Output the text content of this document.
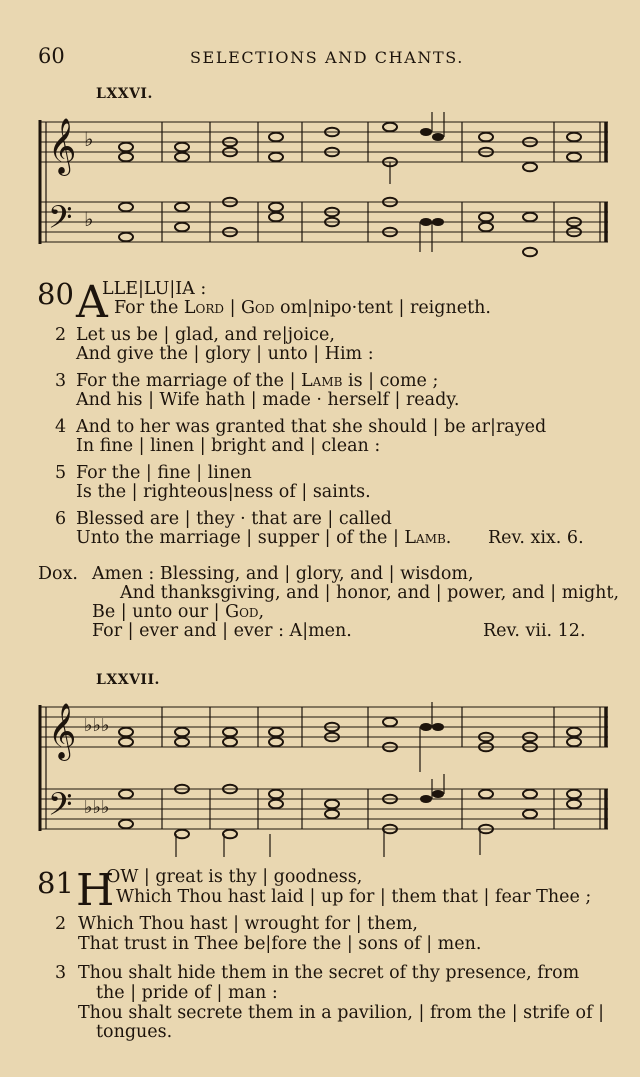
60	SELECTIONS AND CHANTS.
LXXVI.
𝄞
𝄢
♭
♭
80 A
LLE|LU|IA :
For the Lord | God om|nipo·tent | reigneth.
2 Let us be | glad, and re|joice,
And give the | glory | unto | Him :
3 For the marriage of the | Lamb is | come ;
And his | Wife hath | made · herself | ready.
4 And to her was granted that she should | be ar|rayed
In fine | linen | bright and | clean :
5 For the | fine | linen
Is the | righteous|ness of | saints.
6 Blessed are | they · that are | called
Unto the marriage | supper | of the | Lamb. Rev. xix. 6.
Dox. Amen : Blessing, and | glory, and | wisdom,
And thanksgiving, and | honor, and | power, and | might,
Be | unto our | God,
For | ever and | ever : A|men.	Rev. vii. 12.
LXXVII.
𝄞
𝄢
♭♭♭
♭♭♭
81 H
OW | great is thy | goodness,
Which Thou hast laid | up for | them that | fear Thee ;
2 Which Thou hast | wrought for | them,
That trust in Thee be|fore the | sons of | men.
3 Thou shalt hide them in the secret of thy presence, from
the | pride of | man :
Thou shalt secrete them in a pavilion, | from the | strife of |
tongues.
